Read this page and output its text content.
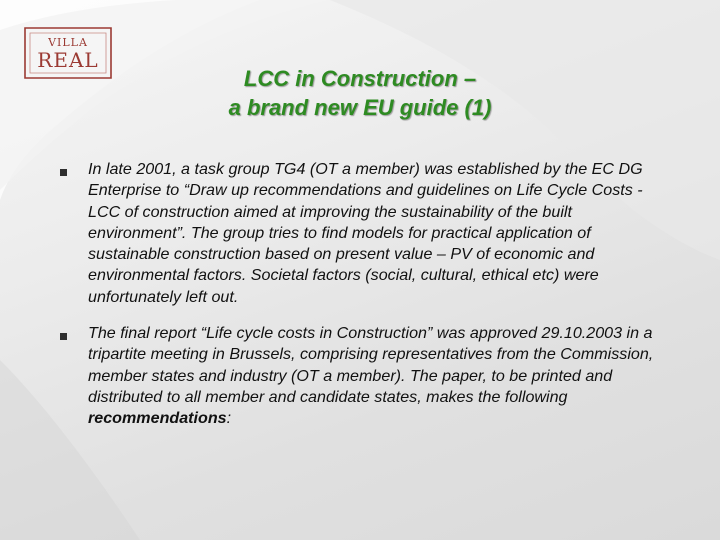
VILLA
REAL
LCC in Construction –
a brand new EU guide (1)
In late 2001, a task group TG4 (OT a member) was established by the EC DG Enterprise to “Draw up recommendations and guidelines on Life Cycle Costs - LCC of construction aimed at improving the sustainability of the built environment”. The group tries to find models for practical application of sustainable construction based on present value – PV of economic and environmental factors. Societal factors (social, cultural, ethical etc) were unfortunately left out.
The final report “Life cycle costs in Construction” was approved 29.10.2003 in a tripartite meeting in Brussels, comprising representatives from the Commission, member states and industry (OT a member). The paper, to be printed and distributed to all member and candidate states, makes the following recommendations:
